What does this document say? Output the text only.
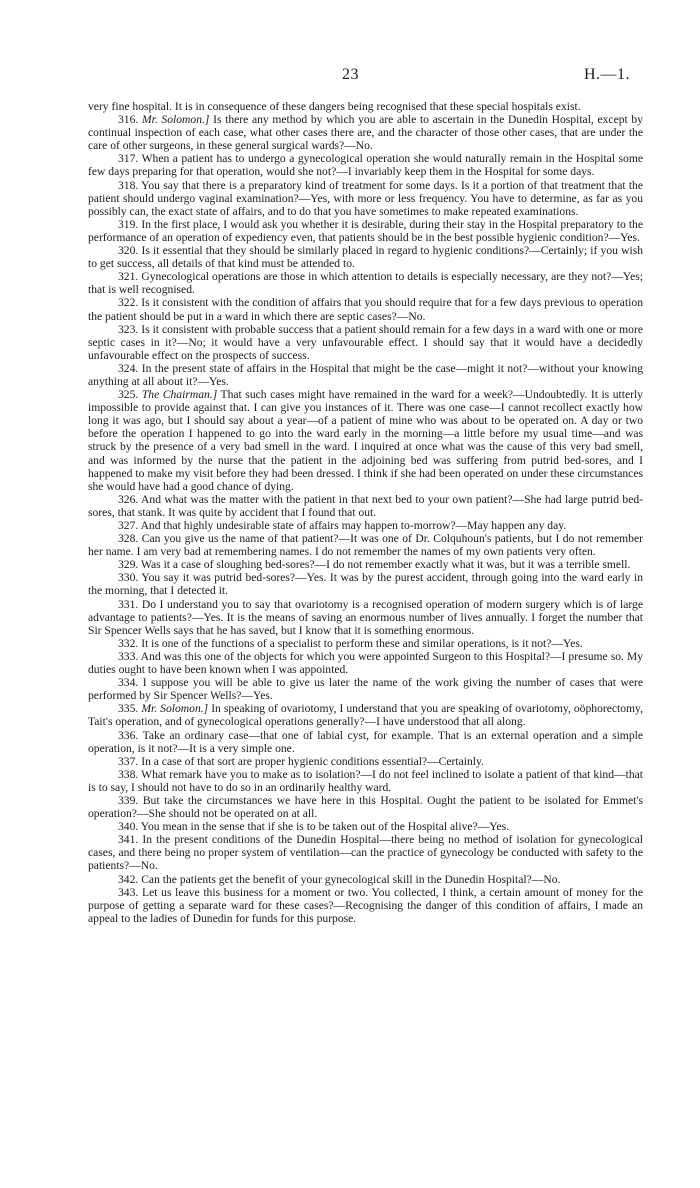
23	H.—1.

very fine hospital. It is in consequence of these dangers being recognised that these special hospitals exist.

316. Mr. Solomon.] Is there any method by which you are able to ascertain in the Dunedin Hospital, except by continual inspection of each case, what other cases there are, and the character of those other cases, that are under the care of other surgeons, in these general surgical wards?—No.

317. When a patient has to undergo a gynecological operation she would naturally remain in the Hospital some few days preparing for that operation, would she not?—I invariably keep them in the Hospital for some days.

318. You say that there is a preparatory kind of treatment for some days. Is it a portion of that treatment that the patient should undergo vaginal examination?—Yes, with more or less frequency. You have to determine, as far as you possibly can, the exact state of affairs, and to do that you have sometimes to make repeated examinations.

319. In the first place, I would ask you whether it is desirable, during their stay in the Hospital preparatory to the performance of an operation of expediency even, that patients should be in the best possible hygienic condition?—Yes.

320. Is it essential that they should be similarly placed in regard to hygienic conditions?—Certainly; if you wish to get success, all details of that kind must be attended to.

321. Gynecological operations are those in which attention to details is especially necessary, are they not?—Yes; that is well recognised.

322. Is it consistent with the condition of affairs that you should require that for a few days previous to operation the patient should be put in a ward in which there are septic cases?—No.

323. Is it consistent with probable success that a patient should remain for a few days in a ward with one or more septic cases in it?—No; it would have a very unfavourable effect. I should say that it would have a decidedly unfavourable effect on the prospects of success.

324. In the present state of affairs in the Hospital that might be the case—might it not?—without your knowing anything at all about it?—Yes.

325. The Chairman.] That such cases might have remained in the ward for a week?—Undoubtedly. It is utterly impossible to provide against that. I can give you instances of it. There was one case—I cannot recollect exactly how long it was ago, but I should say about a year—of a patient of mine who was about to be operated on. A day or two before the operation I happened to go into the ward early in the morning—a little before my usual time—and was struck by the presence of a very bad smell in the ward. I inquired at once what was the cause of this very bad smell, and was informed by the nurse that the patient in the adjoining bed was suffering from putrid bed-sores, and I happened to make my visit before they had been dressed. I think if she had been operated on under these circumstances she would have had a good chance of dying.

326. And what was the matter with the patient in that next bed to your own patient?—She had large putrid bed-sores, that stank. It was quite by accident that I found that out.

327. And that highly undesirable state of affairs may happen to-morrow?—May happen any day.

328. Can you give us the name of that patient?—It was one of Dr. Colquhoun's patients, but I do not remember her name. I am very bad at remembering names. I do not remember the names of my own patients very often.

329. Was it a case of sloughing bed-sores?—I do not remember exactly what it was, but it was a terrible smell.

330. You say it was putrid bed-sores?—Yes. It was by the purest accident, through going into the ward early in the morning, that I detected it.

331. Do I understand you to say that ovariotomy is a recognised operation of modern surgery which is of large advantage to patients?—Yes. It is the means of saving an enormous number of lives annually. I forget the number that Sir Spencer Wells says that he has saved, but I know that it is something enormous.

332. It is one of the functions of a specialist to perform these and similar operations, is it not?—Yes.

333. And was this one of the objects for which you were appointed Surgeon to this Hospital?—I presume so. My duties ought to have been known when I was appointed.

334. I suppose you will be able to give us later the name of the work giving the number of cases that were performed by Sir Spencer Wells?—Yes.

335. Mr. Solomon.] In speaking of ovariotomy, I understand that you are speaking of ovariotomy, oöphorectomy, Tait's operation, and of gynecological operations generally?—I have understood that all along.

336. Take an ordinary case—that one of labial cyst, for example. That is an external operation and a simple operation, is it not?—It is a very simple one.

337. In a case of that sort are proper hygienic conditions essential?—Certainly.

338. What remark have you to make as to isolation?—I do not feel inclined to isolate a patient of that kind—that is to say, I should not have to do so in an ordinarily healthy ward.

339. But take the circumstances we have here in this Hospital. Ought the patient to be isolated for Emmet's operation?—She should not be operated on at all.

340. You mean in the sense that if she is to be taken out of the Hospital alive?—Yes.

341. In the present conditions of the Dunedin Hospital—there being no method of isolation for gynecological cases, and there being no proper system of ventilation—can the practice of gynecology be conducted with safety to the patients?—No.

342. Can the patients get the benefit of your gynecological skill in the Dunedin Hospital?—No.

343. Let us leave this business for a moment or two. You collected, I think, a certain amount of money for the purpose of getting a separate ward for these cases?—Recognising the danger of this condition of affairs, I made an appeal to the ladies of Dunedin for funds for this purpose.
